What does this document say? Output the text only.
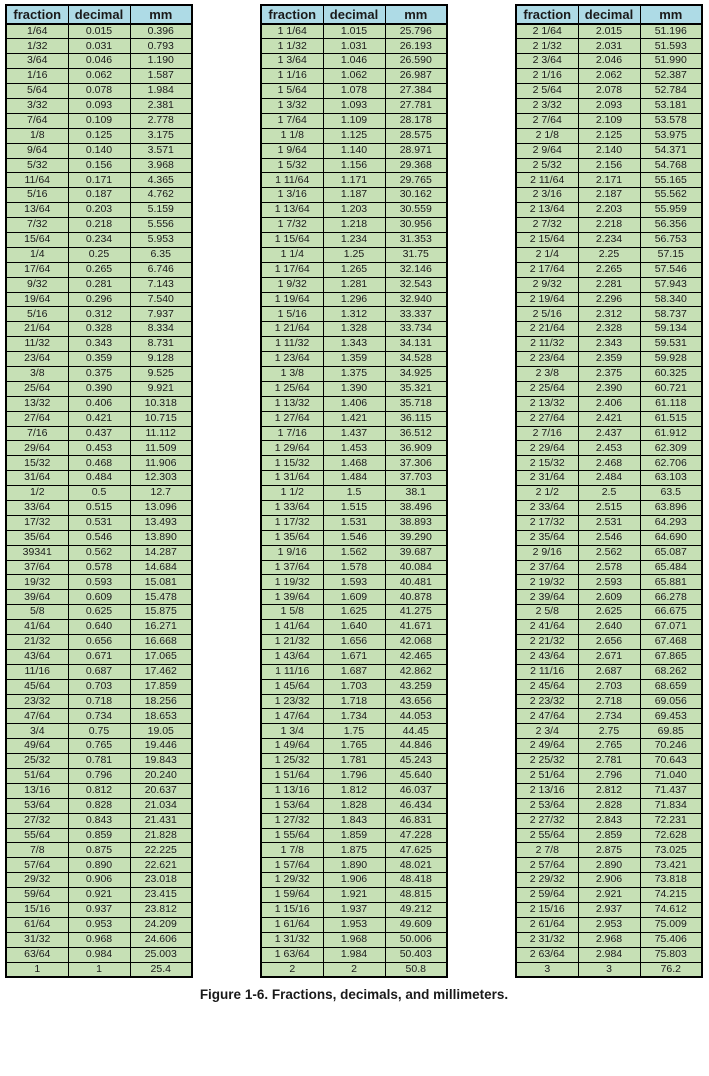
fraction	decimal	mm
1/64	0.015	0.396
1/32	0.031	0.793
3/64	0.046	1.190
1/16	0.062	1.587
5/64	0.078	1.984
3/32	0.093	2.381
7/64	0.109	2.778
1/8	0.125	3.175
9/64	0.140	3.571
5/32	0.156	3.968
11/64	0.171	4.365
5/16	0.187	4.762
13/64	0.203	5.159
7/32	0.218	5.556
15/64	0.234	5.953
1/4	0.25	6.35
17/64	0.265	6.746
9/32	0.281	7.143
19/64	0.296	7.540
5/16	0.312	7.937
21/64	0.328	8.334
11/32	0.343	8.731
23/64	0.359	9.128
3/8	0.375	9.525
25/64	0.390	9.921
13/32	0.406	10.318
27/64	0.421	10.715
7/16	0.437	11.112
29/64	0.453	11.509
15/32	0.468	11.906
31/64	0.484	12.303
1/2	0.5	12.7
33/64	0.515	13.096
17/32	0.531	13.493
35/64	0.546	13.890
39341	0.562	14.287
37/64	0.578	14.684
19/32	0.593	15.081
39/64	0.609	15.478
5/8	0.625	15.875
41/64	0.640	16.271
21/32	0.656	16.668
43/64	0.671	17.065
11/16	0.687	17.462
45/64	0.703	17.859
23/32	0.718	18.256
47/64	0.734	18.653
3/4	0.75	19.05
49/64	0.765	19.446
25/32	0.781	19.843
51/64	0.796	20.240
13/16	0.812	20.637
53/64	0.828	21.034
27/32	0.843	21.431
55/64	0.859	21.828
7/8	0.875	22.225
57/64	0.890	22.621
29/32	0.906	23.018
59/64	0.921	23.415
15/16	0.937	23.812
61/64	0.953	24.209
31/32	0.968	24.606
63/64	0.984	25.003
1	1	25.4
fraction	decimal	mm
1 1/64	1.015	25.796
1 1/32	1.031	26.193
1 3/64	1.046	26.590
1 1/16	1.062	26.987
1 5/64	1.078	27.384
1 3/32	1.093	27.781
1 7/64	1.109	28.178
1 1/8	1.125	28.575
1 9/64	1.140	28.971
1 5/32	1.156	29.368
1 11/64	1.171	29.765
1 3/16	1.187	30.162
1 13/64	1.203	30.559
1 7/32	1.218	30.956
1 15/64	1.234	31.353
1 1/4	1.25	31.75
1 17/64	1.265	32.146
1 9/32	1.281	32.543
1 19/64	1.296	32.940
1 5/16	1.312	33.337
1 21/64	1.328	33.734
1 11/32	1.343	34.131
1 23/64	1.359	34.528
1 3/8	1.375	34.925
1 25/64	1.390	35.321
1 13/32	1.406	35.718
1 27/64	1.421	36.115
1 7/16	1.437	36.512
1 29/64	1.453	36.909
1 15/32	1.468	37.306
1 31/64	1.484	37.703
1 1/2	1.5	38.1
1 33/64	1.515	38.496
1 17/32	1.531	38.893
1 35/64	1.546	39.290
1 9/16	1.562	39.687
1 37/64	1.578	40.084
1 19/32	1.593	40.481
1 39/64	1.609	40.878
1 5/8	1.625	41.275
1 41/64	1.640	41.671
1 21/32	1.656	42.068
1 43/64	1.671	42.465
1 11/16	1.687	42.862
1 45/64	1.703	43.259
1 23/32	1.718	43.656
1 47/64	1.734	44.053
1 3/4	1.75	44.45
1 49/64	1.765	44.846
1 25/32	1.781	45.243
1 51/64	1.796	45.640
1 13/16	1.812	46.037
1 53/64	1.828	46.434
1 27/32	1.843	46.831
1 55/64	1.859	47.228
1 7/8	1.875	47.625
1 57/64	1.890	48.021
1 29/32	1.906	48.418
1 59/64	1.921	48.815
1 15/16	1.937	49.212
1 61/64	1.953	49.609
1 31/32	1.968	50.006
1 63/64	1.984	50.403
2	2	50.8
fraction	decimal	mm
2 1/64	2.015	51.196
2 1/32	2.031	51.593
2 3/64	2.046	51.990
2 1/16	2.062	52.387
2 5/64	2.078	52.784
2 3/32	2.093	53.181
2 7/64	2.109	53.578
2 1/8	2.125	53.975
2 9/64	2.140	54.371
2 5/32	2.156	54.768
2 11/64	2.171	55.165
2 3/16	2.187	55.562
2 13/64	2.203	55.959
2 7/32	2.218	56.356
2 15/64	2.234	56.753
2 1/4	2.25	57.15
2 17/64	2.265	57.546
2 9/32	2.281	57.943
2 19/64	2.296	58.340
2 5/16	2.312	58.737
2 21/64	2.328	59.134
2 11/32	2.343	59.531
2 23/64	2.359	59.928
2 3/8	2.375	60.325
2 25/64	2.390	60.721
2 13/32	2.406	61.118
2 27/64	2.421	61.515
2 7/16	2.437	61.912
2 29/64	2.453	62.309
2 15/32	2.468	62.706
2 31/64	2.484	63.103
2 1/2	2.5	63.5
2 33/64	2.515	63.896
2 17/32	2.531	64.293
2 35/64	2.546	64.690
2 9/16	2.562	65.087
2 37/64	2.578	65.484
2 19/32	2.593	65.881
2 39/64	2.609	66.278
2 5/8	2.625	66.675
2 41/64	2.640	67.071
2 21/32	2.656	67.468
2 43/64	2.671	67.865
2 11/16	2.687	68.262
2 45/64	2.703	68.659
2 23/32	2.718	69.056
2 47/64	2.734	69.453
2 3/4	2.75	69.85
2 49/64	2.765	70.246
2 25/32	2.781	70.643
2 51/64	2.796	71.040
2 13/16	2.812	71.437
2 53/64	2.828	71.834
2 27/32	2.843	72.231
2 55/64	2.859	72.628
2 7/8	2.875	73.025
2 57/64	2.890	73.421
2 29/32	2.906	73.818
2 59/64	2.921	74.215
2 15/16	2.937	74.612
2 61/64	2.953	75.009
2 31/32	2.968	75.406
2 63/64	2.984	75.803
3	3	76.2
Figure 1-6. Fractions, decimals, and millimeters.
